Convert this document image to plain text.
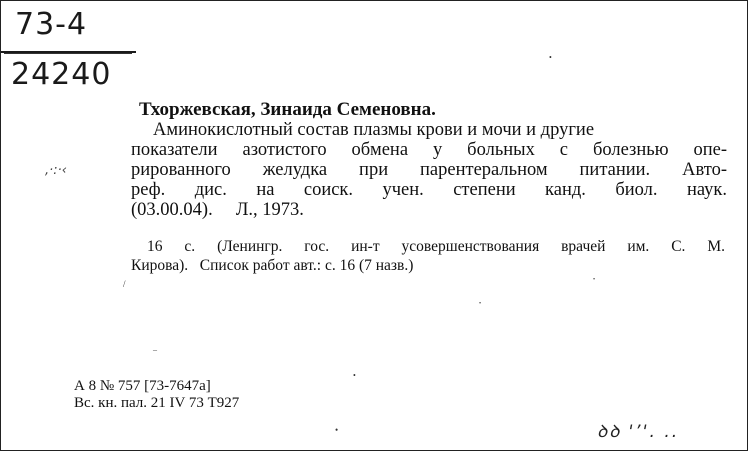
73-4
24240
,·:·‹
Тхоржевская, Зинаида Семеновна.
Аминокислотный состав плазмы крови и мочи и другие
показатели азотистого обмена у больных с болезнью опе-
рированного желудка при парентеральном питании. Авто-
реф. дис. на соиск. учен. степени канд. биол. наук.
(03.00.04).     Л., 1973.
16 с. (Ленингр. гос. ин-т усовершенствования врачей им. С. М.
Кирова).   Список работ авт.: с. 16 (7 назв.)
А 8 № 757 [73-7647а]
Вс. кн. пал. 21 IV 73 Т927
•
–
•
•
•
•
/
ꝺꝺ ꞌ՚ꞌ. ..
